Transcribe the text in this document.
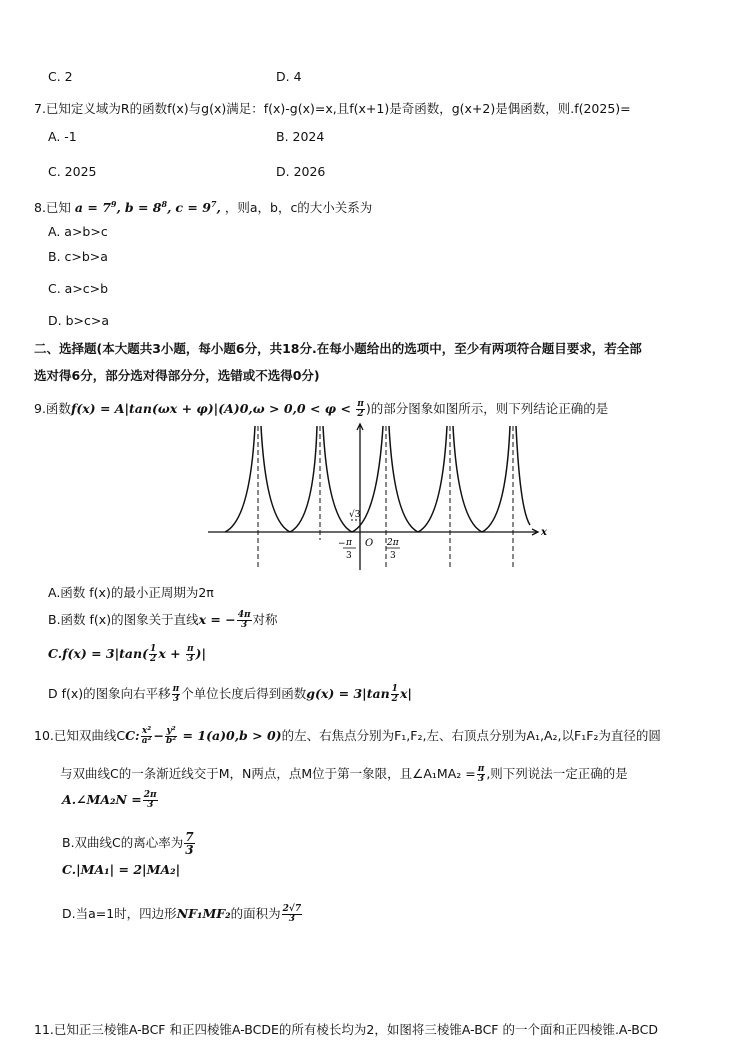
C. 2	D. 4
7.已知定义域为R的函数f(x)与g(x)满足：f(x)-g(x)=x,且f(x+1)是奇函数，g(x+2)是偶函数，则.f(2025)=
A. -1	B. 2024
C. 2025	D. 2026
8.已知 $a = 7^9$, $b = 8^8$, $c = 9^7$, ，则a，b，c的大小关系为
A. a>b>c
B. c>b>a
C. a>c>b
D. b>c>a
二、选择题(本大题共3小题，每小题6分，共18分.在每小题给出的选项中，至少有两项符合题目要求，若全部
选对得6分，部分选对得部分分，选错或不选得0分)
9.函数$f(x) = A|\tan(\omega x + \varphi)|(A)0,\omega > 0,0 < \varphi < \frac{\pi}{2}$ )的部分图象如图所示，则下列结论正确的是
x
√3
O
− π
3
2π
3
A.函数 f(x)的最小正周期为2π
B.函数 f(x)的图象关于直线x = − $\frac{4\pi}{3}$ 对称
$C.f(x) = 3|\tan( \frac{1}{2}$ $x + \frac{\pi}{3}$ )|
D f(x)的图象向右平移 $\frac{\pi}{3}$ 个单位长度后得到函数$g(x) = 3|\tan \frac{1}{2} x|$
10.已知双曲线CC: $\frac{\text{x²}}{\text{a²}} - \frac{\text{y²}}{\text{b²}} = 1(a)0,b > 0$)的左、右焦点分别为F₁,F₂,左、右顶点分别为A₁,A₂,以F₁F₂为直径的圆
与双曲线C的一条渐近线交于M，N两点，点M位于第一象限，且∠A₁MA₂ = $\frac{\pi}{3}$ ,则下列说法一定正确的是
A.∠MA₂N = $\frac{2\pi}{3}$
B.双曲线C的离心率为 $\frac{7}{3}$
C.|MA₁| = 2|MA₂|
D.当a=1时，四边形NF₁MF₂的面积为 $\frac{2√7}{3}$
11.已知正三棱锥A-BCF 和正四棱锥A-BCDE的所有棱长均为2，如图将三棱锥A-BCF 的一个面和正四棱锥.A-BCD
